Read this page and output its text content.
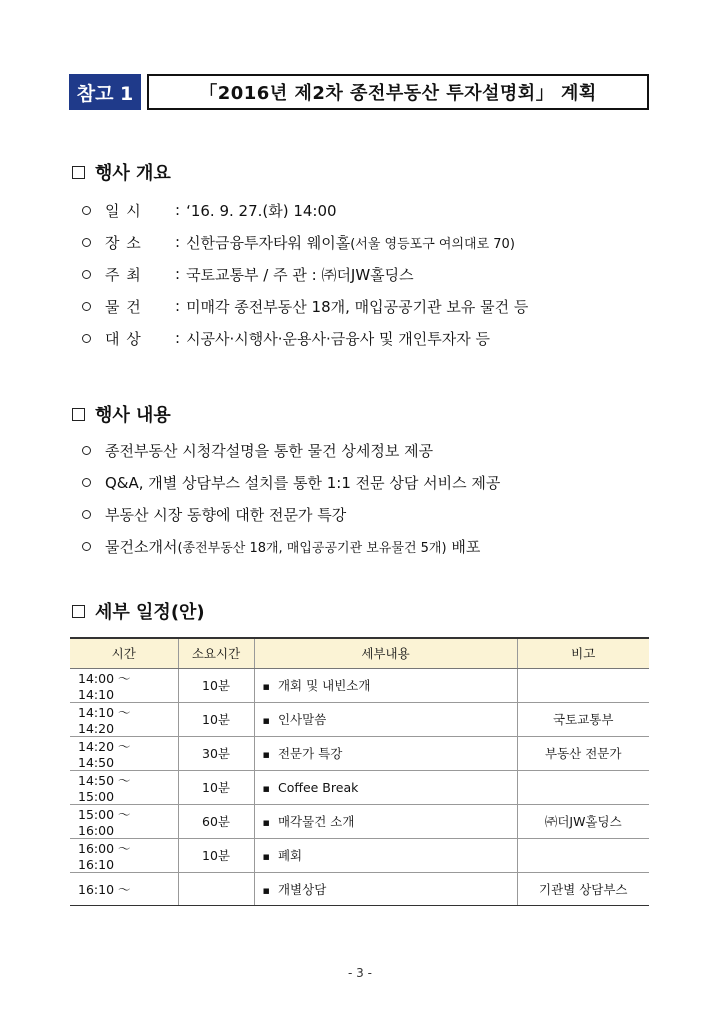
참고 1	「2016년 제2차 종전부동산 투자설명회」 계획
행사 개요
일 시	: ‘16. 9. 27.(화) 14:00
장 소	: 신한금융투자타워 웨이홀 (서울 영등포구 여의대로 70)
주 최	: 국토교통부 / 주 관 : ㈜더JW홀딩스
물 건	: 미매각 종전부동산 18개, 매입공공기관 보유 물건 등
대 상	: 시공사·시행사·운용사·금융사 및 개인투자자 등
행사 내용
종전부동산 시청각설명을 통한 물건 상세정보 제공
Q&A, 개별 상담부스 설치를 통한 1:1 전문 상담 서비스 제공
부동산 시장 동향에 대한 전문가 특강
물건소개서 (종전부동산 18개, 매입공공기관 보유물건 5개) 배포
세부 일정(안)
시간	소요시간	세부내용	비고
14:00 ～ 14:10	10분	▪ 개회 및 내빈소개	
14:10 ～ 14:20	10분	▪ 인사말씀	국토교통부
14:20 ～ 14:50	30분	▪ 전문가 특강	부동산 전문가
14:50 ～ 15:00	10분	▪ Coffee Break	
15:00 ～ 16:00	60분	▪ 매각물건 소개	㈜더JW홀딩스
16:00 ～ 16:10	10분	▪ 폐회	
16:10 ～		▪ 개별상담	기관별 상담부스
- 3 -
